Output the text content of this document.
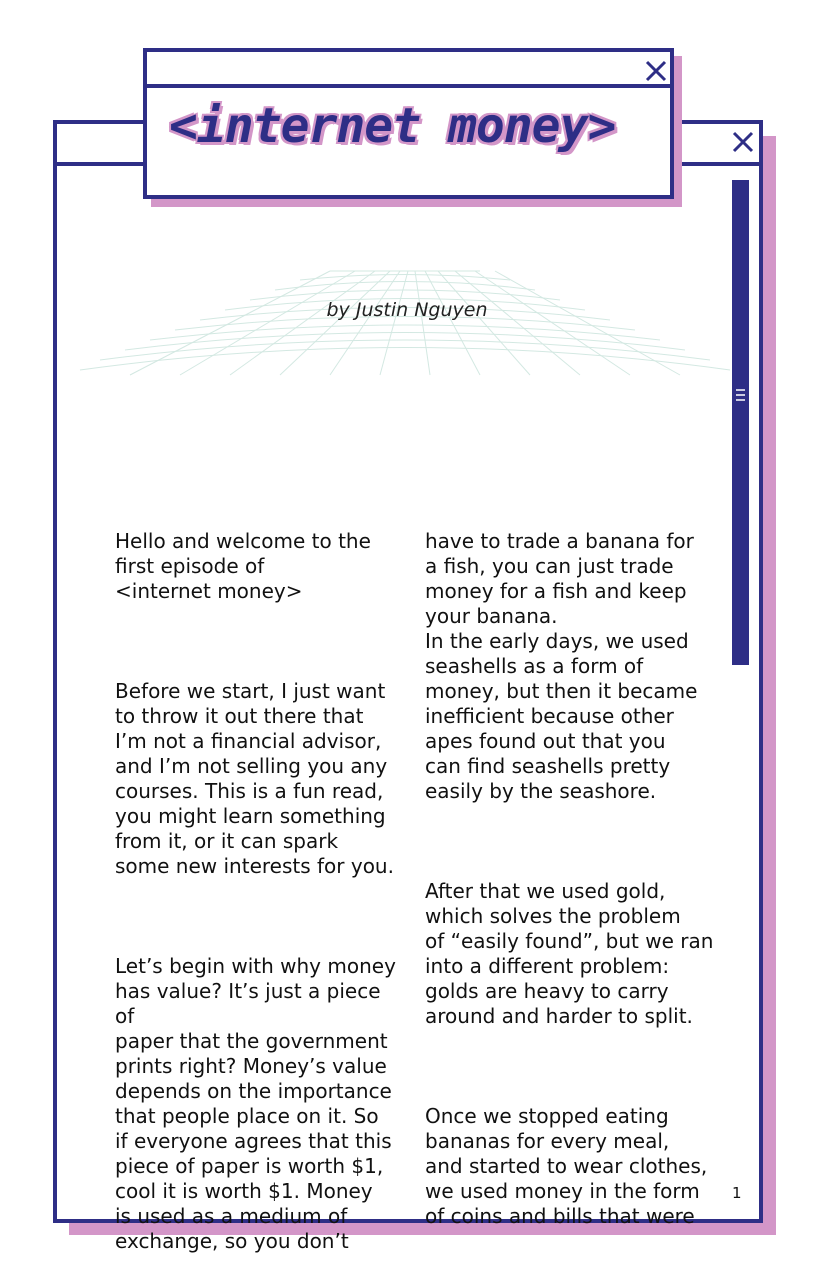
<internet money>
by Justin Nguyen

Hello and welcome to the
first episode of
<internet money>

Before we start, I just want
to throw it out there that
I’m not a financial advisor,
and I’m not selling you any
courses. This is a fun read,
you might learn something
from it, or it can spark
some new interests for you.

Let’s begin with why money
has value? It’s just a piece of
paper that the government
prints right? Money’s value
depends on the importance
that people place on it. So
if everyone agrees that this
piece of paper is worth $1,
cool it is worth $1. Money
is used as a medium of
exchange, so you don’t

have to trade a banana for
a fish, you can just trade
money for a fish and keep
your banana.
In the early days, we used
seashells as a form of
money, but then it became
inefficient because other
apes found out that you
can find seashells pretty
easily by the seashore.

After that we used gold,
which solves the problem
of “easily found”, but we ran
into a different problem:
golds are heavy to carry
around and harder to split.

Once we stopped eating
bananas for every meal,
and started to wear clothes,
we used money in the form
of coins and bills that were

1
